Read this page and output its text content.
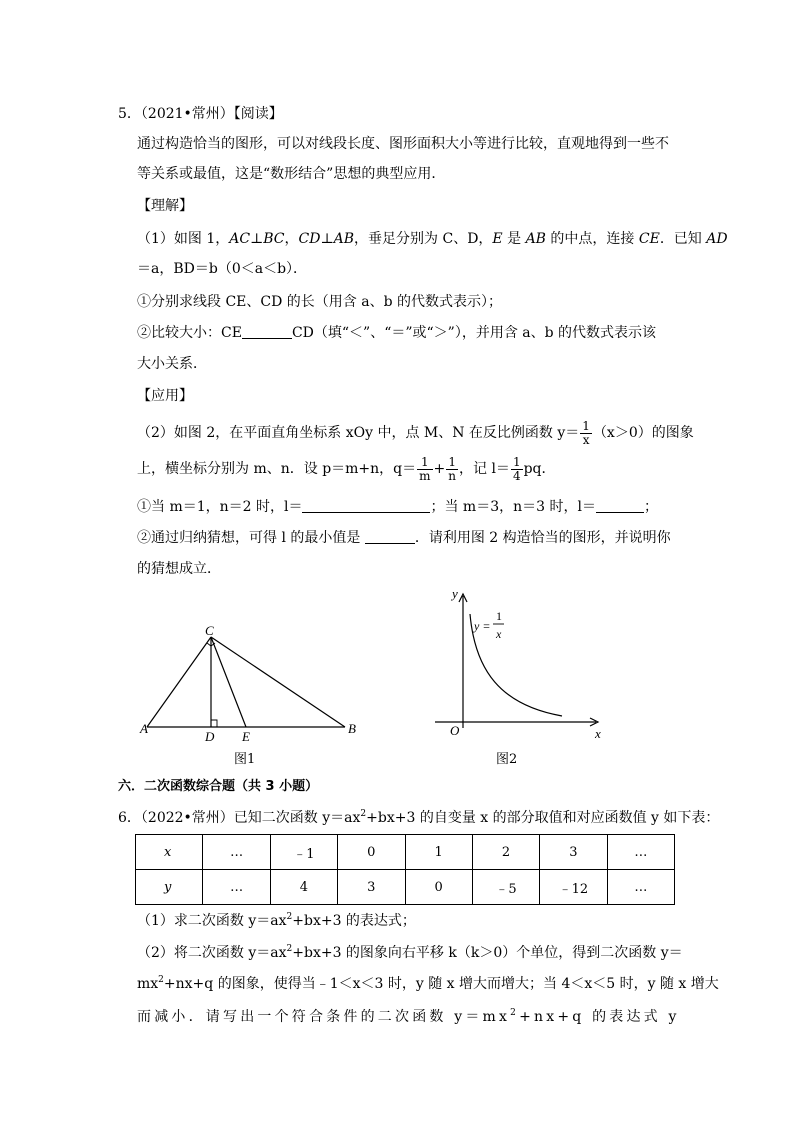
5．（2021•常州）【阅读】
通过构造恰当的图形，可以对线段长度、图形面积大小等进行比较，直观地得到一些不
等关系或最值，这是“数形结合”思想的典型应用．
【理解】
（1）如图 1，AC⊥BC，CD⊥AB，垂足分别为 C、D，E 是 AB 的中点，连接 CE．已知 AD
＝a，BD＝b（0＜a＜b）．
①分别求线段 CE、CD 的长（用含 a、b 的代数式表示）；
②比较大小：CE	CD（填“＜”、“＝”或“＞”），并用含 a、b 的代数式表示该
大小关系．
【应用】
（2）如图 2，在平面直角坐标系 xOy 中，点 M、N 在反比例函数 $y= \frac{1}{x} (x>0)$的图象
上，横坐标分别为 m、n．设 p＝m+n，$q= \frac{1}{m} + \frac{1}{n}$ ，记 $l= \frac{1}{4}$ pq．
①当 m＝1，n＝2 时，l＝	；当 m＝3，n＝3 时，l＝	；
②通过归纳猜想，可得 l 的最小值是	．请利用图 2 构造恰当的图形，并说明你
的猜想成立．
C
A
D E
B
图1
y
y =
1
x
O	x
图2
六．二次函数综合题（共 3 小题）
6．（2022•常州）已知二次函数 $y=ax^2+bx+3$ 的自变量 x 的部分取值和对应函数值 y 如下表：
x	…	﹣1	0	1	2	3	…
y	…	4	3	0	﹣5	﹣12	…
（1）求二次函数 $y=ax^2+bx+3$ 的表达式；
（2）将二次函数 $y=ax^2+bx+3$ 的图象向右平移 k（k＞0）个单位，得到二次函数 y＝
$mx^2+nx+q$ 的图象，使得当﹣1＜x＜3 时，y 随 x 增大而增大；当 4＜x＜5 时，y 随 x 增大
而减小．请写出一个符合条件的二次函数 $y=mx^2+nx+q$ 的表达式 y
